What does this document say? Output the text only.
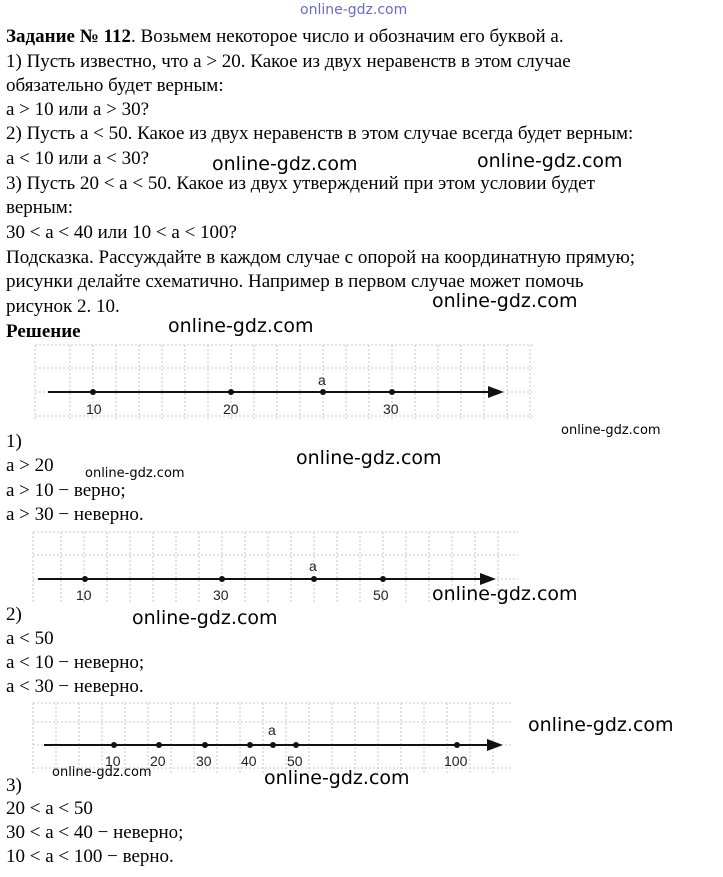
online-gdz.com
Задание № 112. Возьмем некоторое число и обозначим его буквой а.
1) Пусть известно, что а > 20. Какое из двух неравенств в этом случае
обязательно будет верным:
а > 10 или а > 30?
2) Пусть а < 50. Какое из двух неравенств в этом случае всегда будет верным:
а < 10 или а < 30?
3) Пусть 20 < а < 50. Какое из двух утверждений при этом условии будет
верным:
30 < а < 40 или 10 < а < 100?
Подсказка. Рассуждайте в каждом случае с опорой на координатную прямую;
рисунки делайте схематично. Например в первом случае может помочь
рисунок 2. 10.
Решение
10	20
а
30
1)
а > 20
а > 10 − верно;
а > 30 − неверно.
10	30
а
50
2)
а < 50
а < 10 − неверно;
а < 30 − неверно.
10 20 30 40
а
50	100
3)
20 < а < 50
30 < а < 40 − неверно;
10 < а < 100 − верно.
online-gdz.com	online-gdz.com
online-gdz.com
online-gdz.com
online-gdz.com
online-gdz.com
online-gdz.com
online-gdz.com
online-gdz.com
online-gdz.com
online-gdz.com	online-gdz.com
